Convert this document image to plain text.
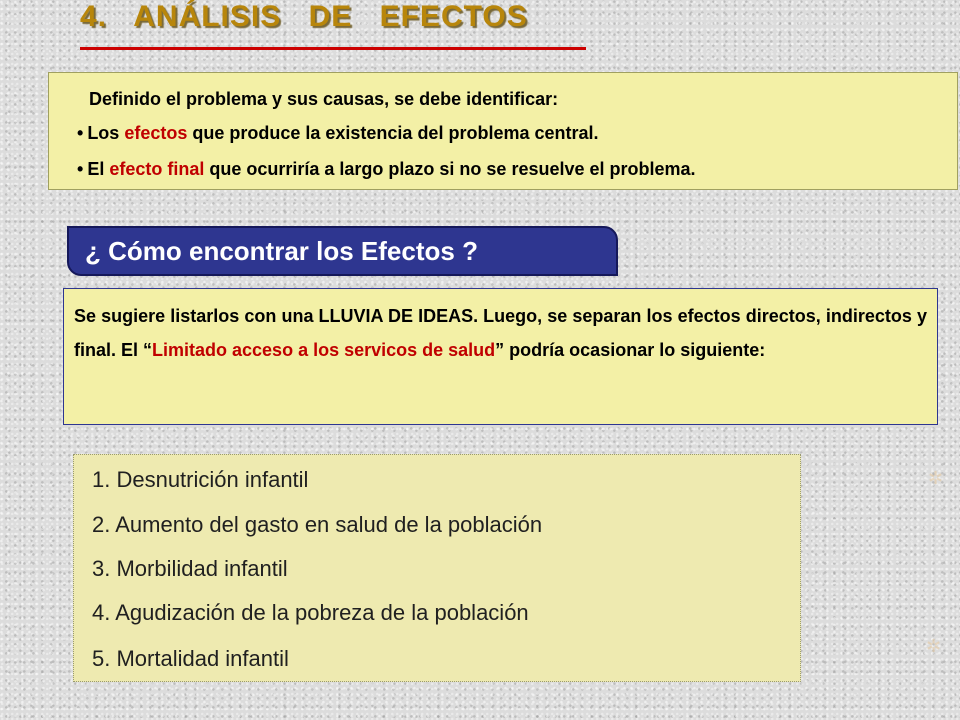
4. ANÁLISIS DE EFECTOS

Definido el problema y sus causas, se debe identificar:

• Los efectos que produce la existencia del problema central.

• El efecto final que ocurriría a largo plazo si no se resuelve el problema.

¿ Cómo encontrar los Efectos ?

Se sugiere listarlos con una LLUVIA DE IDEAS. Luego, se separan los efectos directos, indirectos y final. El “Limitado acceso a los servicos de salud” podría ocasionar lo siguiente:

1. Desnutrición infantil

2. Aumento del gasto en salud de la población

3. Morbilidad infantil

4. Agudización de la pobreza de la población

5. Mortalidad infantil

✲
✲
